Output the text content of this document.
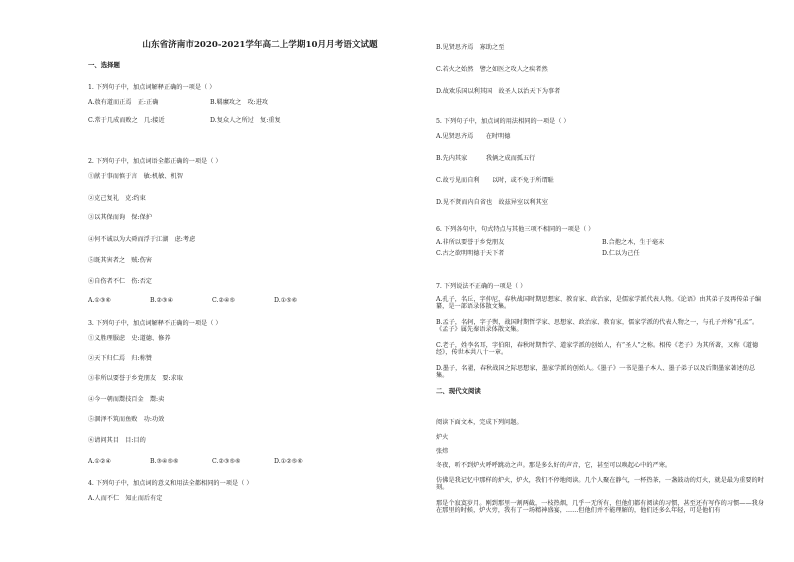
山东省济南市2020-2021学年高二上学期10月月考语文试题
一、选择题
1. 下列句子中，加点词解释正确的一项是（ ）
A.敖有道而正焉　正:正确	B.羁縻攻之　攻:进攻
C.常于几成而败之　几:接近	D.复众人之所过　复:重复
2. 下列句子中，加点词语全都正确的一项是（ ）
①献于事而慎于言　敏:机敏、机智
②克己复礼　克:约束
③以其保而询　保:保护
④何不诚以为大舜而浮于江湖　虑:考虑
⑤既其害者之　贼:伤害
⑥自伤者不仁　伤:否定
A.①③⑥	B.②③④	C.②④⑤	D.①⑤⑥
3. 下列句子中，加点词解释不正确的一项是（ ）
①义胜理服虑　史:道德、修养
②天下归仁焉　归:称赞
③非所以要誉于乡党朋友　要:求取
④今一朝而鬻技百金　鬻:卖
⑤涸泽不筑而鱼败　功:功效
⑥请问其目　目:目的
A.①②④	B.③④⑤⑥	C.②③⑤⑥	D.①②⑤⑥
4. 下列句子中，加点词的意义和用法全都相同的一项是（ ）
A.人而不仁　知止而后有定
B.见贤思齐焉　寡助之至
C.若火之始然　譬之如医之攻人之疾者然
D.故欢乐国以利其国　故圣人以治天下为事者
5. 下列句子中，加点词的用法相同的一项是（ ）
A.见贤思齐焉　　在时明德
B.先内其家　　　我俩之成而孤五行
C.故亏见而自利　　以时，或不免于所谓耻
D.见不贤而内自省也　故兹异室以利其室
6. 下列各句中，句式特点与其他三项不相同的一项是（ ）
A.非所以要誉于乡党朋友	B.合抱之木，生于毫末
C.古之欲明明德于天下者	D.仁以为己任
7. 下列说法不正确的一项是（ ）
A.孔子，名丘，字仲尼，春秋战国时期思想家、教育家、政治家，是儒家学派代表人物。《论语》由其弟子及再传弟子编纂，是一部语录体散文集。
B.孟子，名轲，字子舆，战国时期哲学家、思想家、政治家、教育家，儒家学派的代表人物之一，与孔子并称“孔孟”。《孟子》属先秦语录体散文集。
C.老子，姓李名耳，字伯阳，春秋时期哲学、道家学派的创始人，有“圣人”之称。相传《老子》为其所著，又称《道德经》，传世本共八十一章。
D.墨子，名翟，春秋战国之际思想家，墨家学派的创始人。《墨子》一书是墨子本人、墨子弟子以及后期墨家著述的总集。
二、现代文阅读
阅读下面文本，完成下列问题。
炉火
张炜
冬夜，听不到炉火呼呼跳动之声。那是多么好的声音，它，甚至可以唤起心中的严寒。
仿佛是我记忆中那样的炉火，炉火，我们不停地阅读。几个人聚在静气，一杯热茶，一盏鼓动的灯火，就是最为重要的时刻。
那是个寂寞岁月。刚到那里一割两截，一枝热烟，几乎一无所有，但他们都有阅读的习惯，甚至还有写作的习惯——我身在那里的时候，炉火旁，我有了一场精神盛宴，……但他们并不能理解的，他们还多么年轻，可是他们有
